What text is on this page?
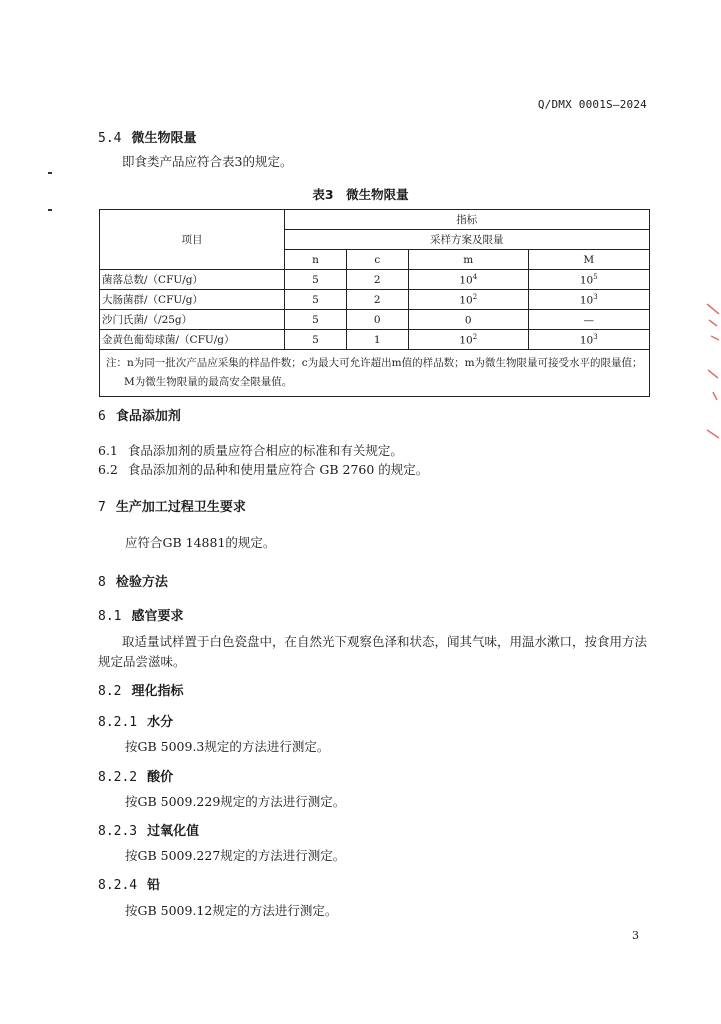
Q/DMX 0001S—2024
5.4 微生物限量
即食类产品应符合表3的规定。
表3　微生物限量
项目	指标			
	采样方案及限量			
	n	c	m	M
菌落总数/（CFU/g）	5	2	$10^4$	$10^5$
大肠菌群/（CFU/g）	5	2	$10^2$	$10^3$
沙门氏菌/（/25g）	5	0	0	—
金黄色葡萄球菌/（CFU/g）	5	1	$10^2$	$10^3$

注：n为同一批次产品应采集的样品件数；c为最大可允许超出m值的样品数；m为微生物限量可接受水平的限量值；
M为微生物限量的最高安全限量值。				
6 食品添加剂
6.1 食品添加剂的质量应符合相应的标准和有关规定。
6.2 食品添加剂的品种和使用量应符合 GB 2760 的规定。
7 生产加工过程卫生要求
应符合GB 14881的规定。
8 检验方法
8.1 感官要求
取适量试样置于白色瓷盘中，在自然光下观察色泽和状态，闻其气味，用温水漱口，按食用方法规定品尝滋味。
8.2 理化指标
8.2.1 水分
按GB 5009.3规定的方法进行测定。
8.2.2 酸价
按GB 5009.229规定的方法进行测定。
8.2.3 过氧化值
按GB 5009.227规定的方法进行测定。
8.2.4 铅
按GB 5009.12规定的方法进行测定。
3
